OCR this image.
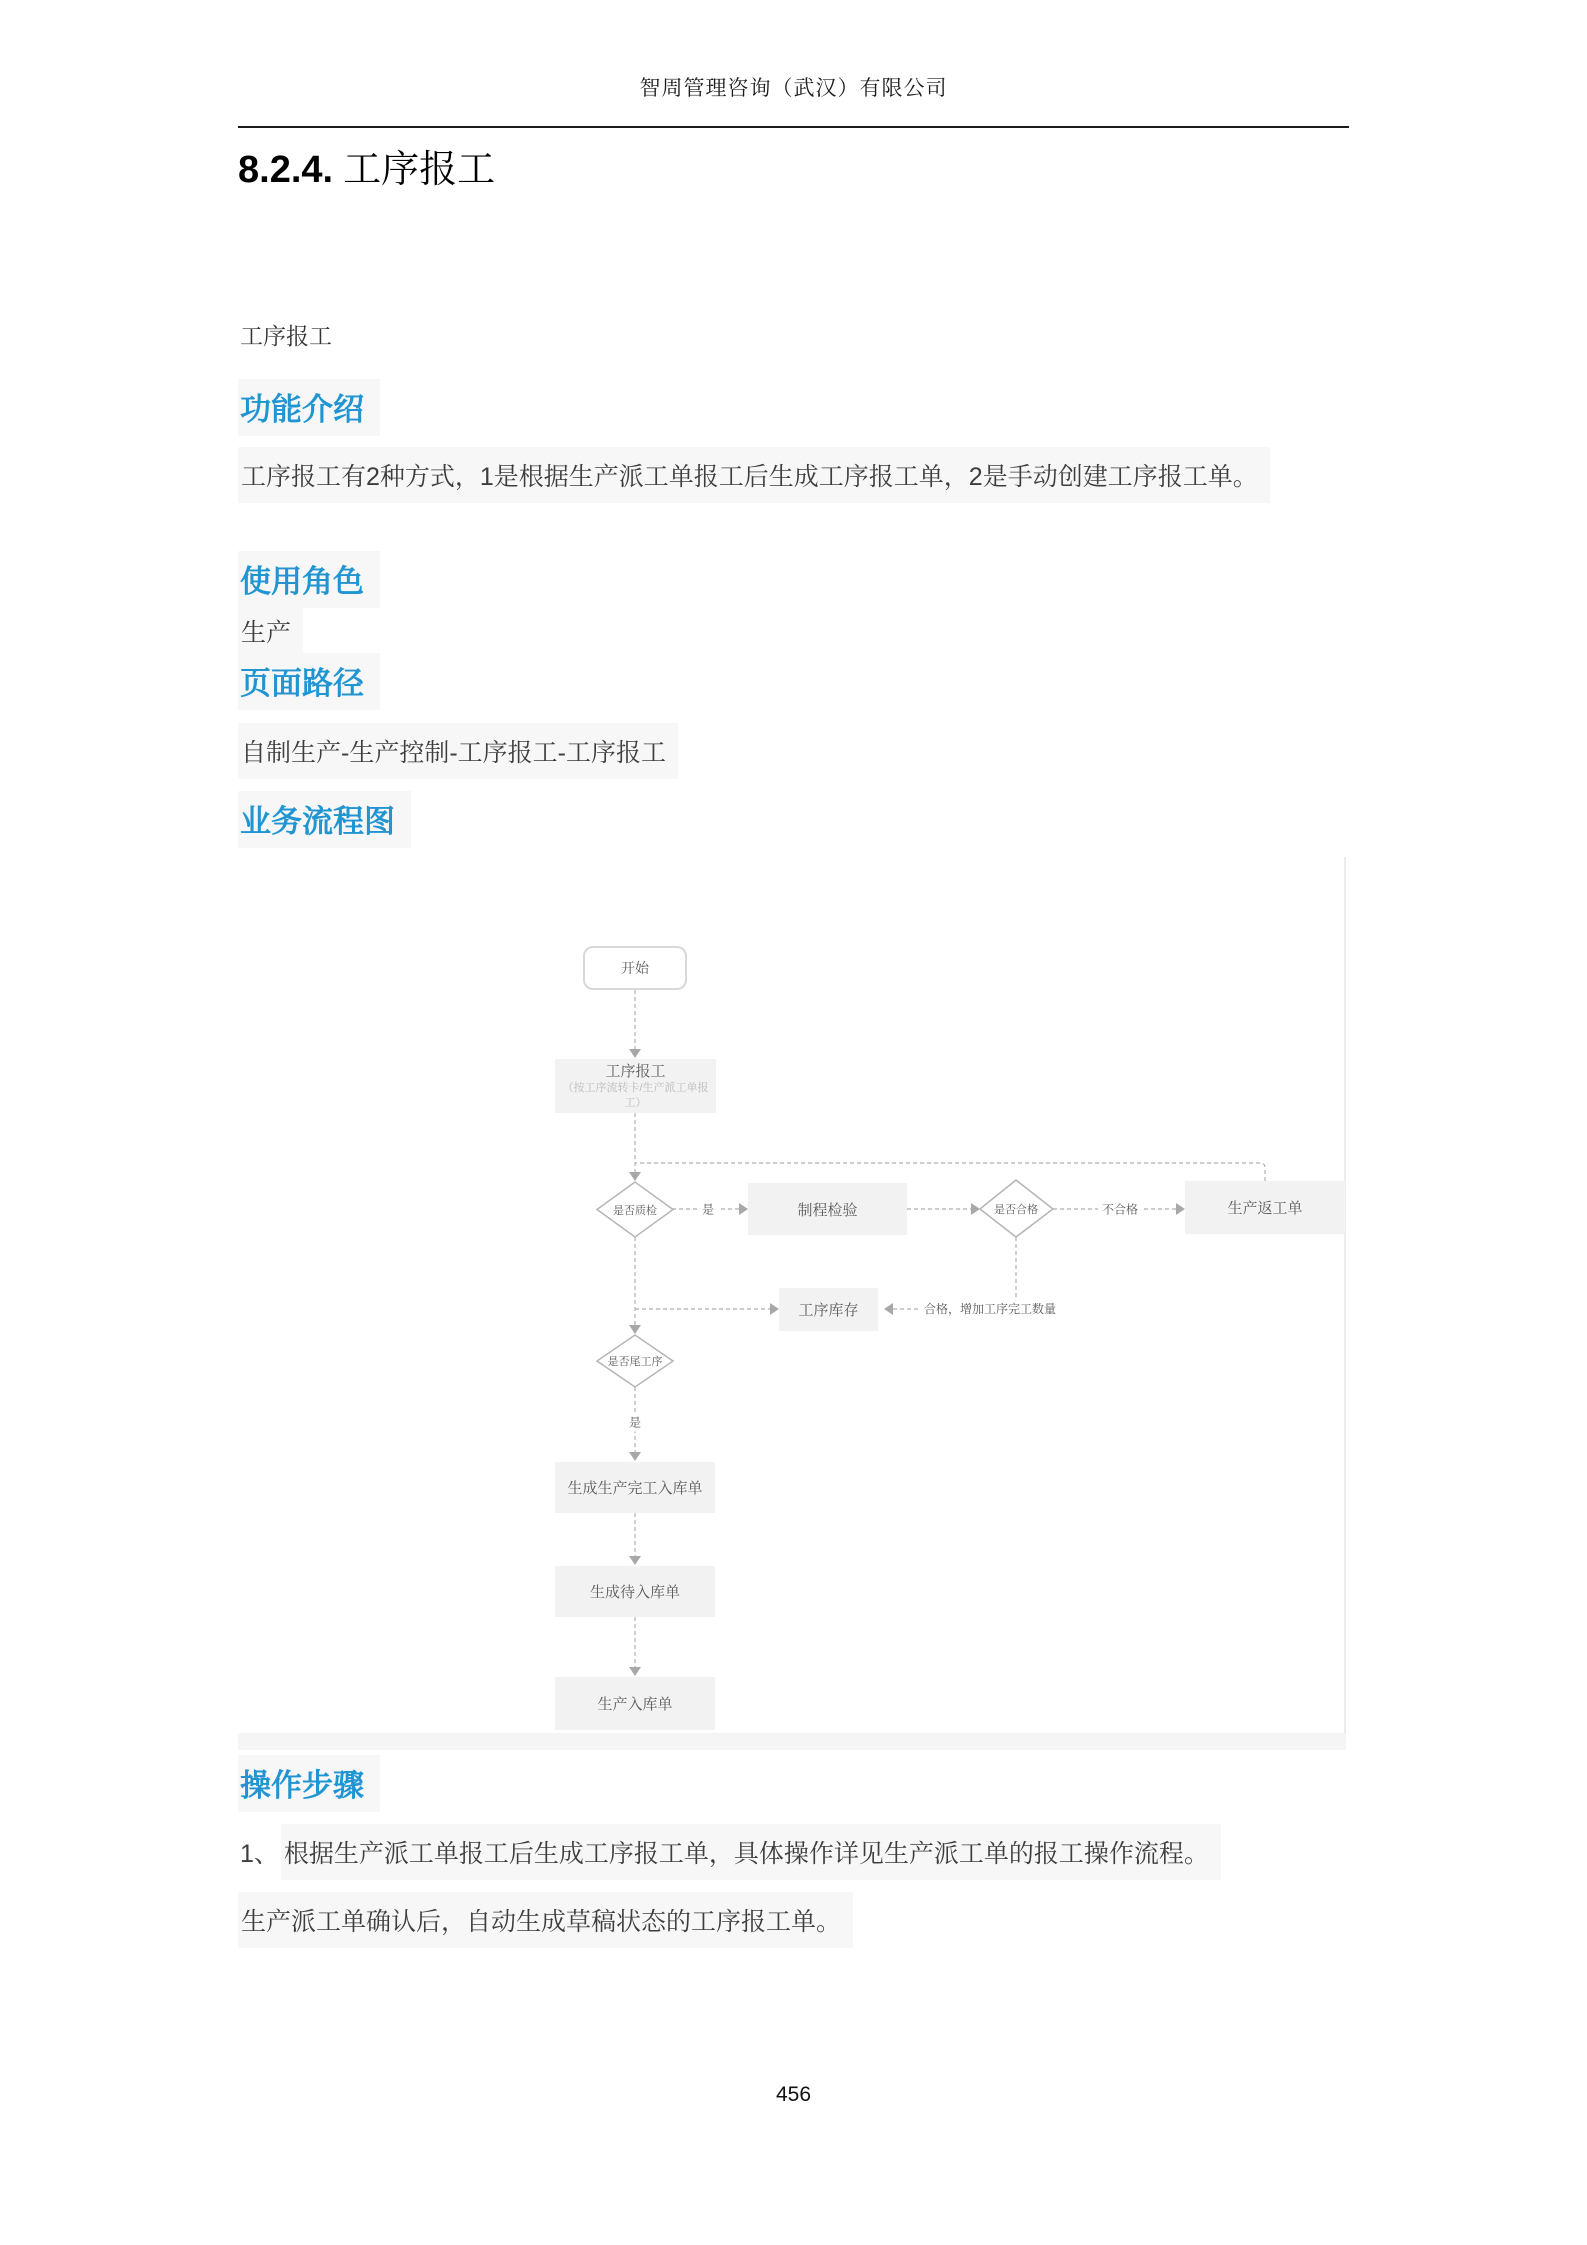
智周管理咨询（武汉）有限公司
8.2.4. 工序报工
工序报工
功能介绍
工序报工有2种方式，1是根据生产派工单报工后生成工序报工单，2是手动创建工序报工单。
使用角色
生产
页面路径
自制生产-生产控制-工序报工-工序报工
业务流程图
开始
工序报工
（按工序流转卡/生产派工单报工）
是否质检	是	制程检验	是否合格	不合格	生产返工单
工序库存	合格，增加工序完工数量
是否尾工序
是
生成生产完工入库单
生成待入库单
生产入库单
操作步骤
1、 根据生产派工单报工后生成工序报工单，具体操作详见生产派工单的报工操作流程。
生产派工单确认后，自动生成草稿状态的工序报工单。
456
